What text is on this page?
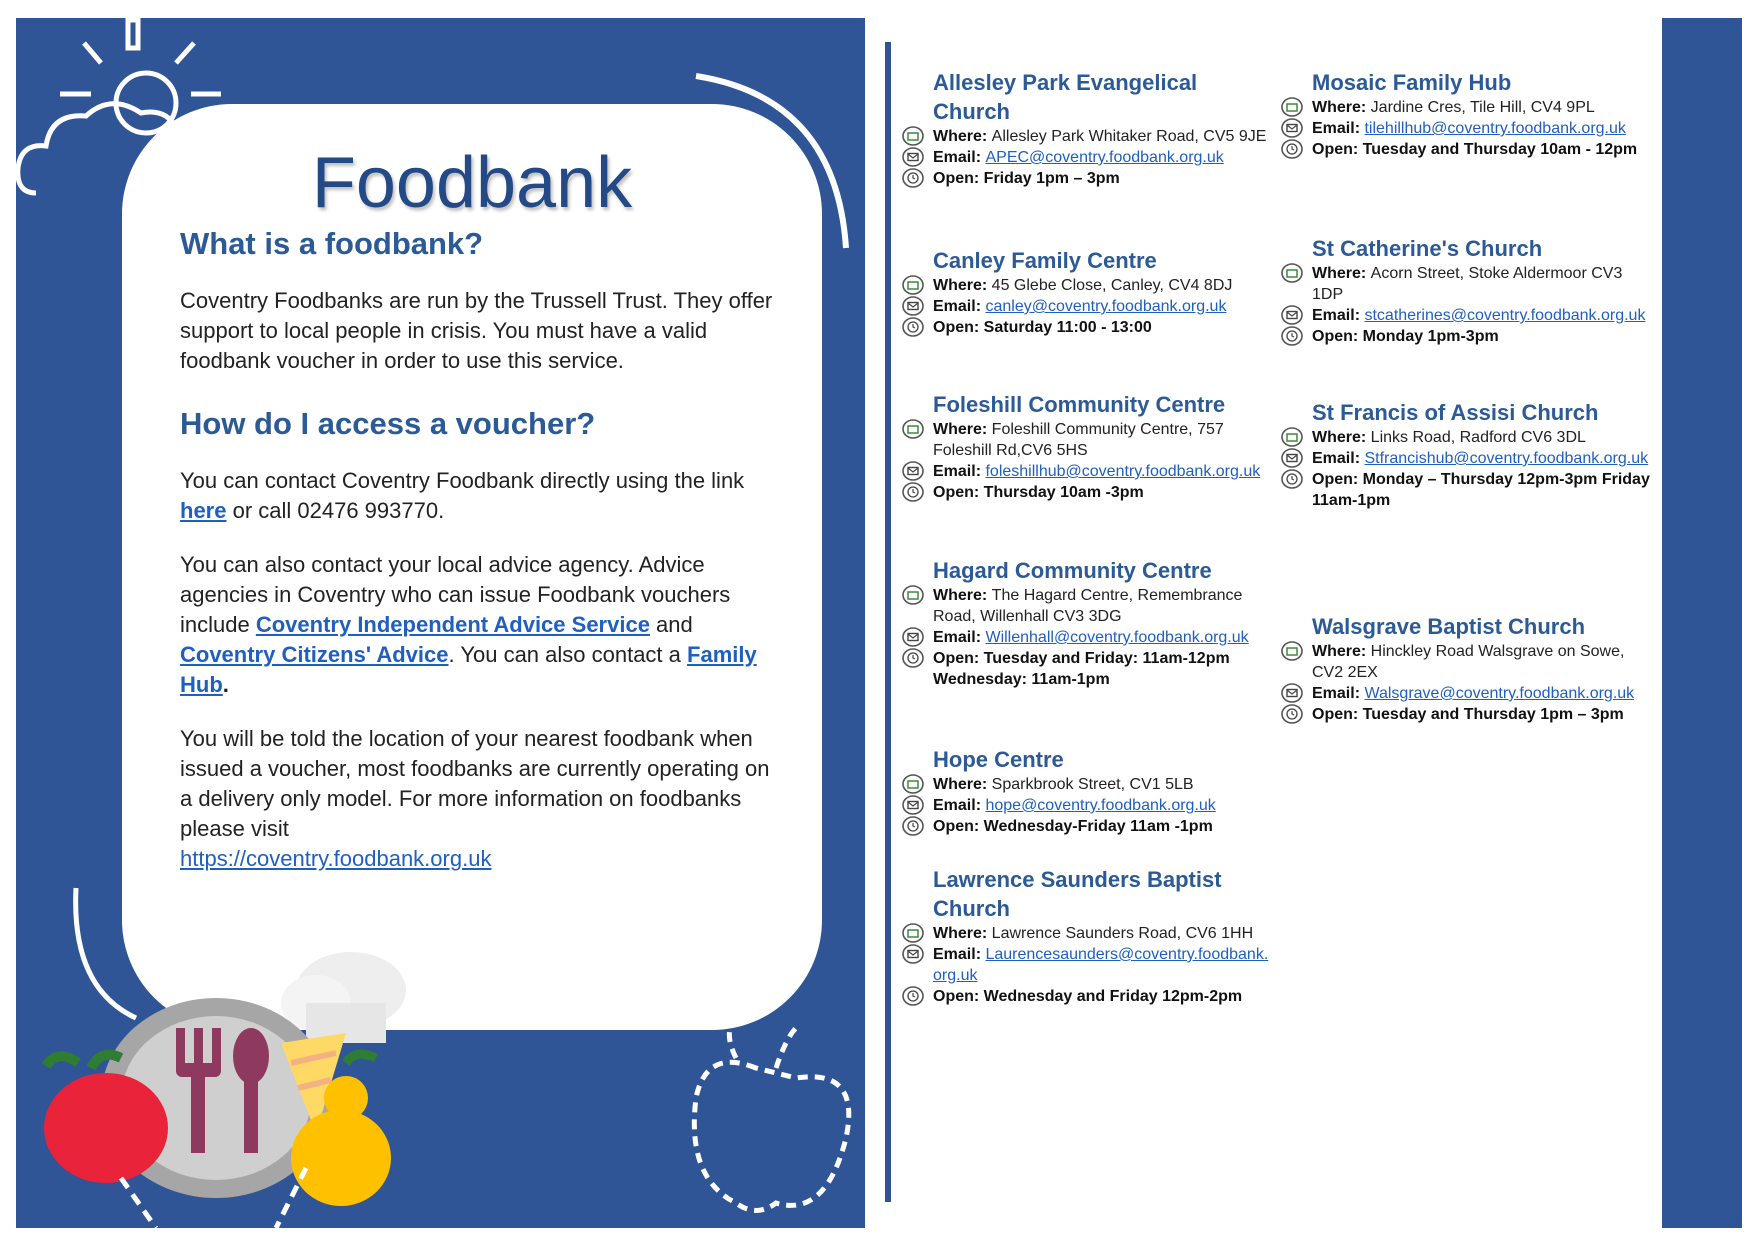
Foodbank
What is a foodbank?

Coventry Foodbanks are run by the Trussell Trust. They offer support to local people in crisis. You must have a valid foodbank voucher in order to use this service.

How do I access a voucher?

You can contact Coventry Foodbank directly using the link here or call 02476 993770.

You can also contact your local advice agency. Advice agencies in Coventry who can issue Foodbank vouchers include Coventry Independent Advice Service and Coventry Citizens' Advice. You can also contact a Family Hub.

You will be told the location of your nearest foodbank when issued a voucher, most foodbanks are currently operating on a delivery only model. For more information on foodbanks please visit

https://coventry.foodbank.org.uk

Allesley Park Evangelical Church
Where: Allesley Park Whitaker Road, CV5 9JE
Email: APEC@coventry.foodbank.org.uk
Open: Friday 1pm – 3pm
Canley Family Centre
Where: 45 Glebe Close, Canley, CV4 8DJ
Email: canley@coventry.foodbank.org.uk
Open: Saturday 11:00 - 13:00
Foleshill Community Centre
Where: Foleshill Community Centre, 757 Foleshill Rd,CV6 5HS
Email: foleshillhub@coventry.foodbank.org.uk
Open: Thursday 10am -3pm
Hagard Community Centre
Where: The Hagard Centre, Remembrance Road, Willenhall CV3 3DG
Email: Willenhall@coventry.foodbank.org.uk
Open: Tuesday and Friday: 11am-12pm Wednesday: 11am-1pm
Hope Centre
Where: Sparkbrook Street, CV1 5LB
Email: hope@coventry.foodbank.org.uk
Open: Wednesday-Friday 11am -1pm
Lawrence Saunders Baptist Church
Where: Lawrence Saunders Road, CV6 1HH
Email: Laurencesaunders@coventry.foodbank.org.uk
Open: Wednesday and Friday 12pm-2pm
Mosaic Family Hub
Where: Jardine Cres, Tile Hill, CV4 9PL
Email: tilehillhub@coventry.foodbank.org.uk
Open: Tuesday and Thursday 10am - 12pm
St Catherine's Church
Where: Acorn Street, Stoke Aldermoor CV3 1DP
Email: stcatherines@coventry.foodbank.org.uk
Open: Monday 1pm-3pm
St Francis of Assisi Church
Where: Links Road, Radford CV6 3DL
Email: Stfrancishub@coventry.foodbank.org.uk
Open: Monday – Thursday 12pm-3pm Friday 11am-1pm
Walsgrave Baptist Church
Where: Hinckley Road Walsgrave on Sowe, CV2 2EX
Email: Walsgrave@coventry.foodbank.org.uk
Open: Tuesday and Thursday 1pm – 3pm
